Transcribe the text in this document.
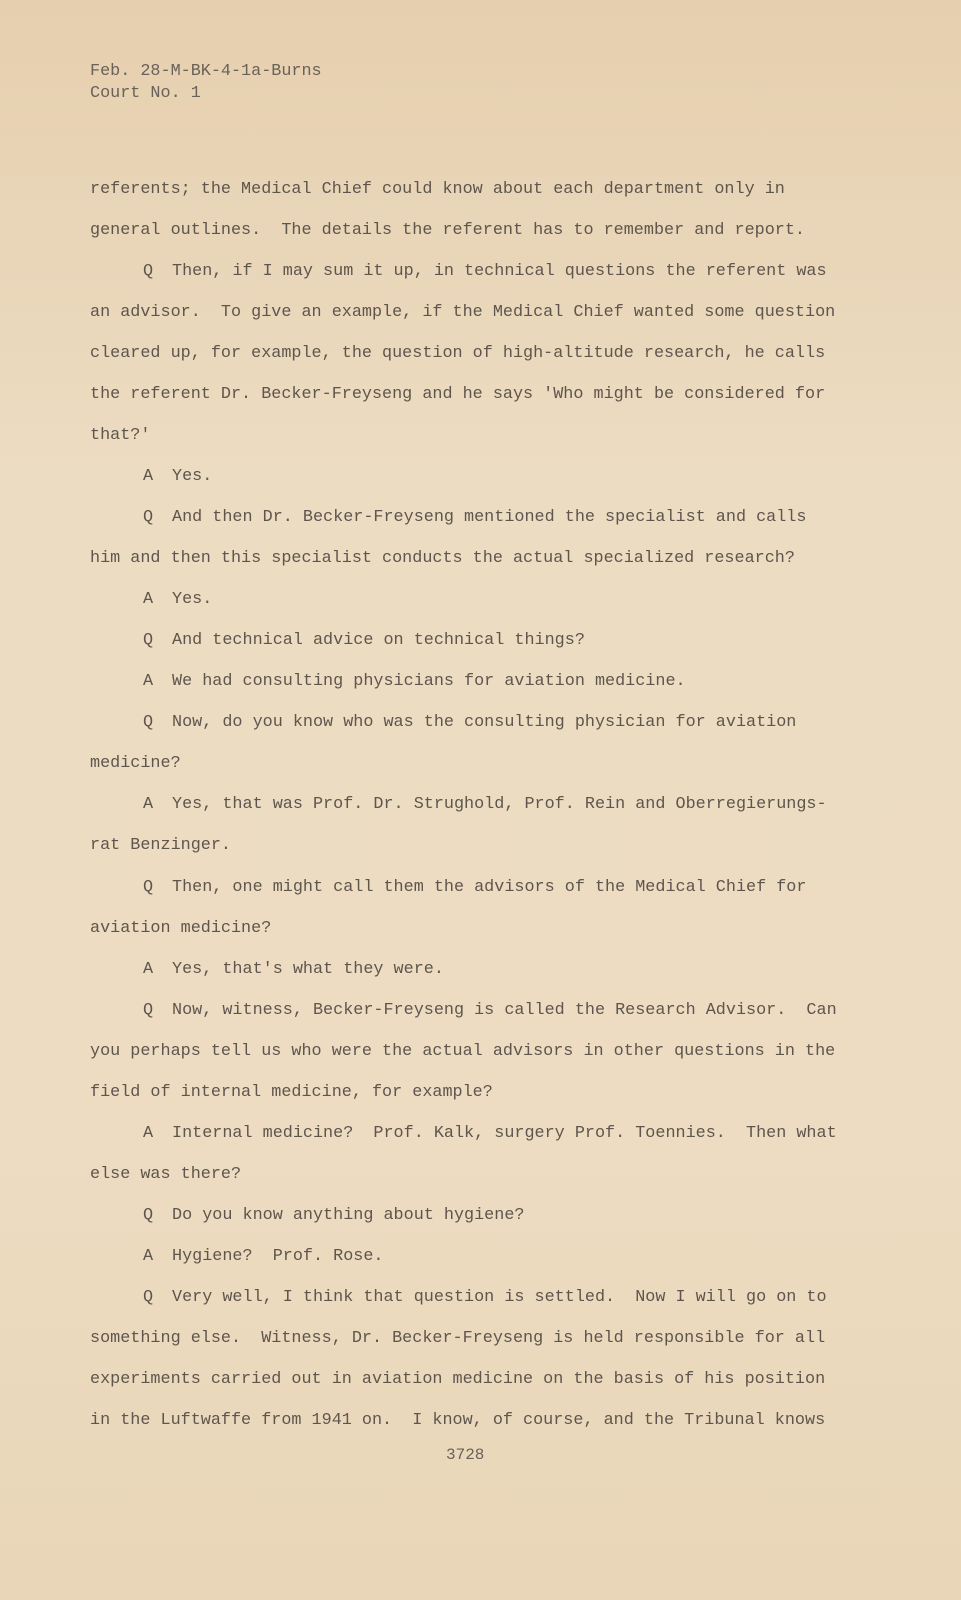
Feb. 28-M-BK-4-1a-Burns
Court No. 1
referents; the Medical Chief could know about each department only in
general outlines.  The details the referent has to remember and report.
Q Then, if I may sum it up, in technical questions the referent was
an advisor.  To give an example, if the Medical Chief wanted some question
cleared up, for example, the question of high-altitude research, he calls
the referent Dr. Becker-Freyseng and he says 'Who might be considered for
that?'
A Yes.
Q And then Dr. Becker-Freyseng mentioned the specialist and calls
him and then this specialist conducts the actual specialized research?
A Yes.
Q And technical advice on technical things?
A We had consulting physicians for aviation medicine.
Q Now, do you know who was the consulting physician for aviation
medicine?
A Yes, that was Prof. Dr. Strughold, Prof. Rein and Oberregierungs-
rat Benzinger.
Q Then, one might call them the advisors of the Medical Chief for
aviation medicine?
A Yes, that's what they were.
Q Now, witness, Becker-Freyseng is called the Research Advisor.  Can
you perhaps tell us who were the actual advisors in other questions in the
field of internal medicine, for example?
A Internal medicine?  Prof. Kalk, surgery Prof. Toennies.  Then what
else was there?
Q Do you know anything about hygiene?
A Hygiene?  Prof. Rose.
Q Very well, I think that question is settled.  Now I will go on to
something else.  Witness, Dr. Becker-Freyseng is held responsible for all
experiments carried out in aviation medicine on the basis of his position
in the Luftwaffe from 1941 on.  I know, of course, and the Tribunal knows
3728
